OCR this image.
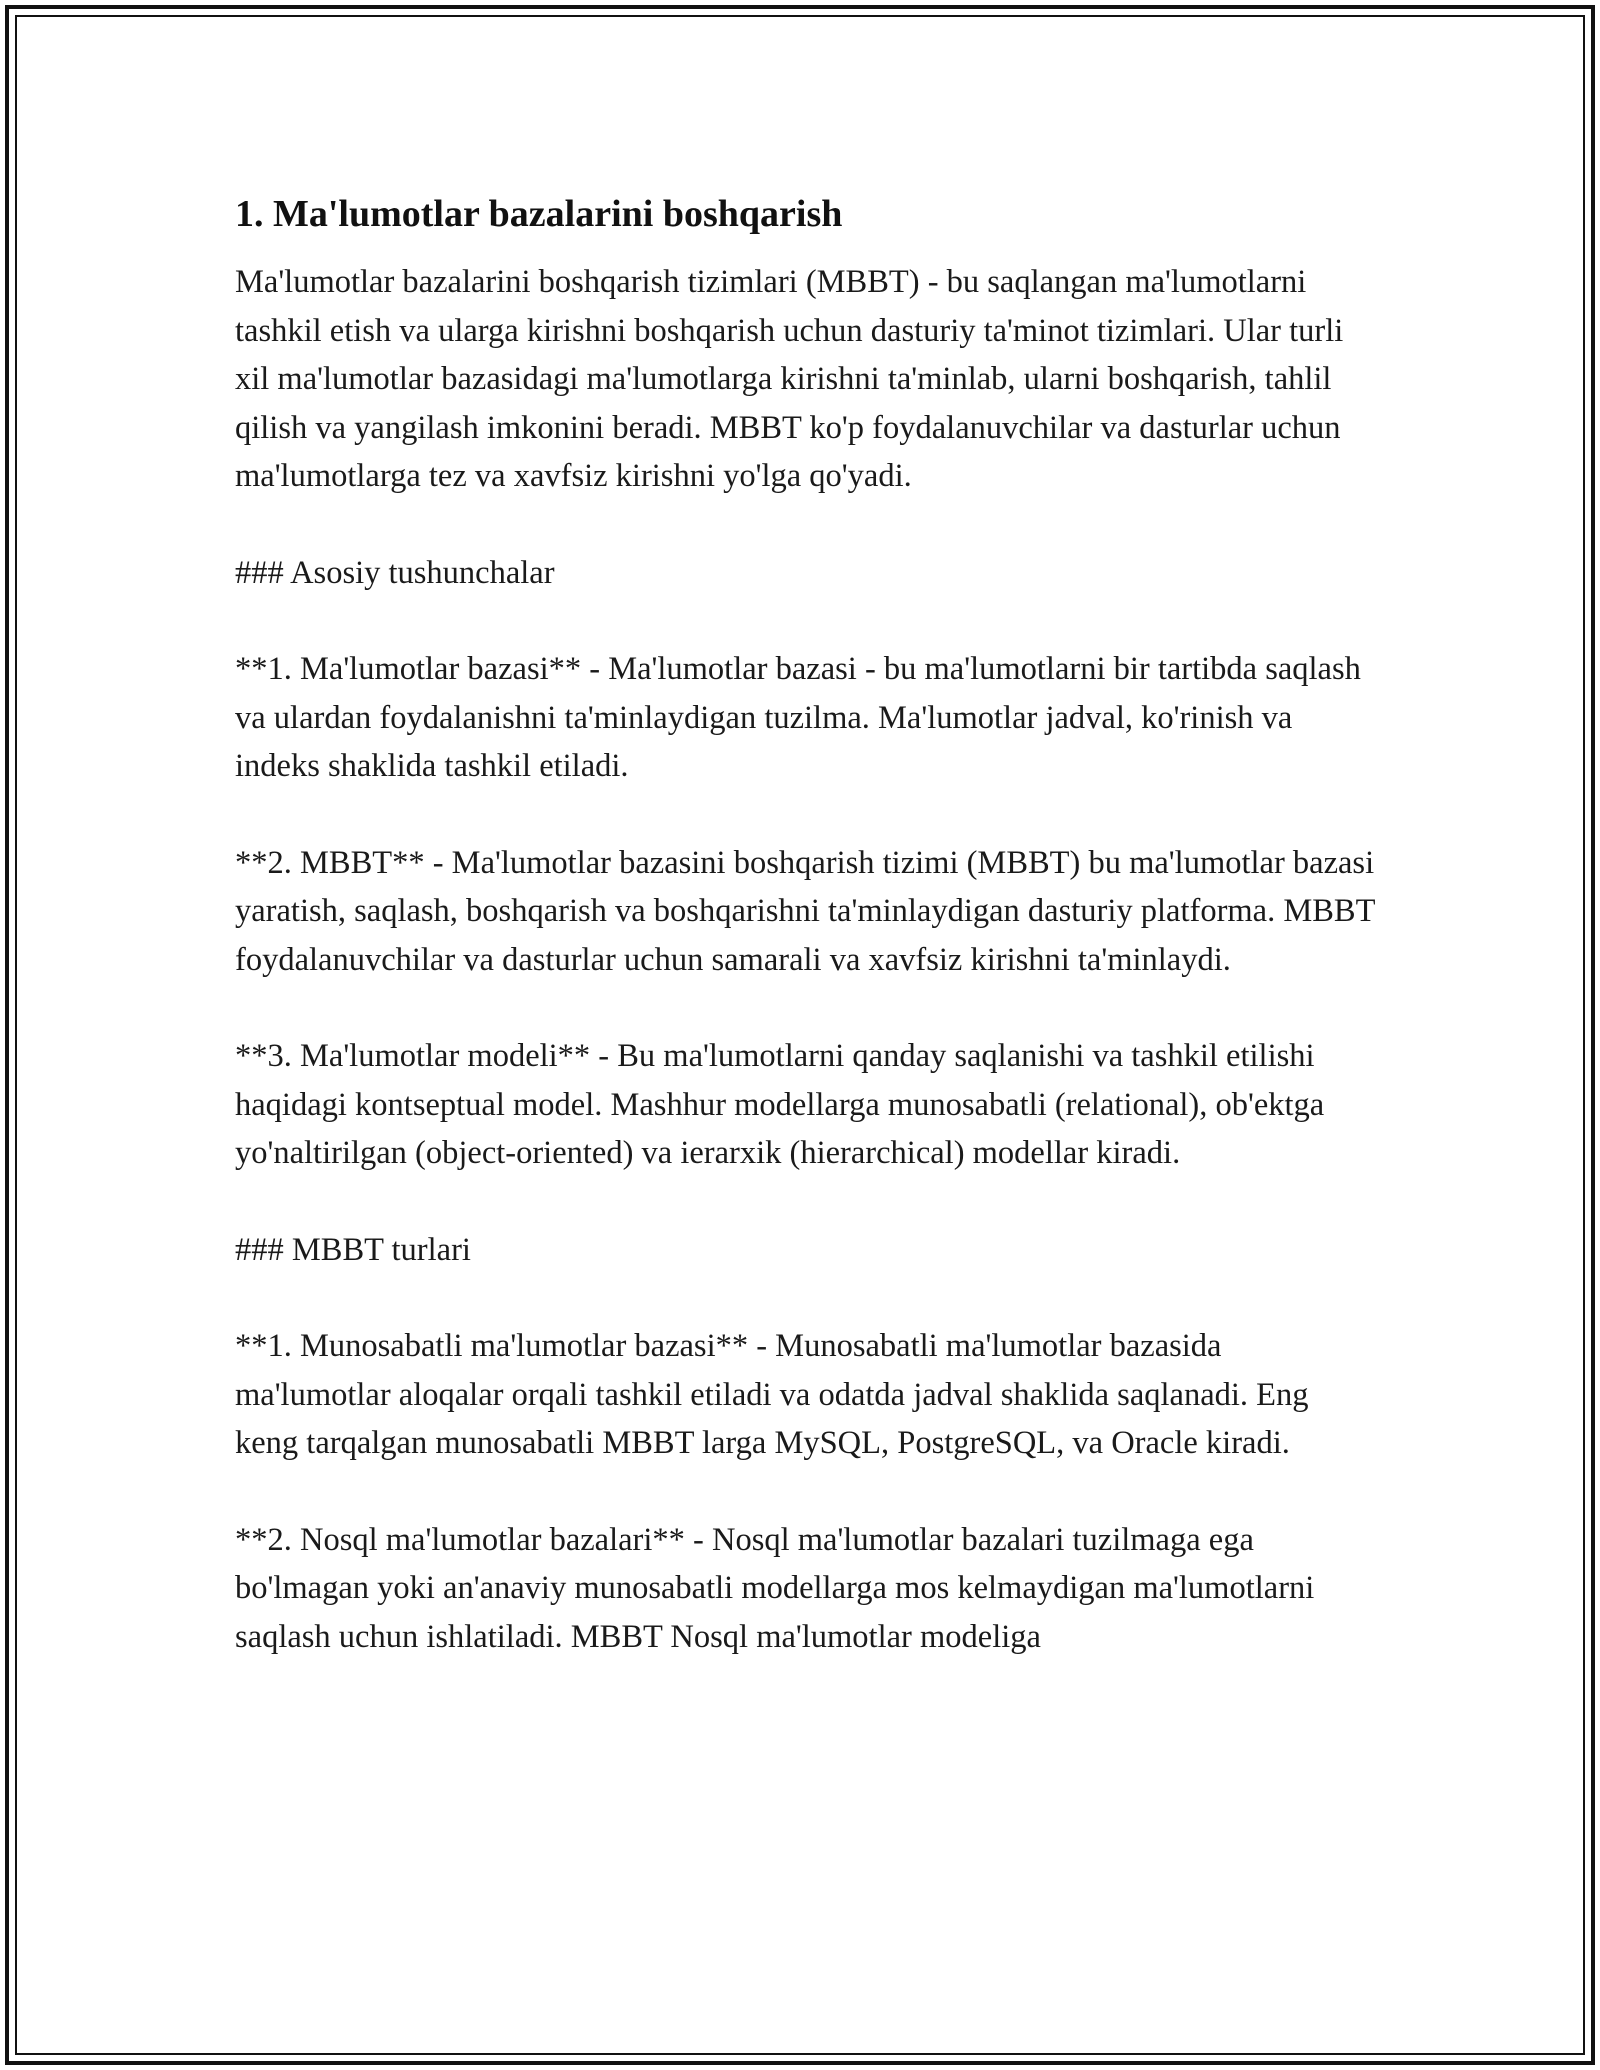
1. Ma'lumotlar bazalarini boshqarish

Ma'lumotlar bazalarini boshqarish tizimlari (MBBT) - bu saqlangan ma'lumotlarni tashkil etish va ularga kirishni boshqarish uchun dasturiy ta'minot tizimlari. Ular turli xil ma'lumotlar bazasidagi ma'lumotlarga kirishni ta'minlab, ularni boshqarish, tahlil qilish va yangilash imkonini beradi. MBBT ko'p foydalanuvchilar va dasturlar uchun ma'lumotlarga tez va xavfsiz kirishni yo'lga qo'yadi.

### Asosiy tushunchalar

**1. Ma'lumotlar bazasi** - Ma'lumotlar bazasi - bu ma'lumotlarni bir tartibda saqlash va ulardan foydalanishni ta'minlaydigan tuzilma. Ma'lumotlar jadval, ko'rinish va indeks shaklida tashkil etiladi.

**2. MBBT** - Ma'lumotlar bazasini boshqarish tizimi (MBBT) bu ma'lumotlar bazasi yaratish, saqlash, boshqarish va boshqarishni ta'minlaydigan dasturiy platforma. MBBT foydalanuvchilar va dasturlar uchun samarali va xavfsiz kirishni ta'minlaydi.

**3. Ma'lumotlar modeli** - Bu ma'lumotlarni qanday saqlanishi va tashkil etilishi haqidagi kontseptual model. Mashhur modellarga munosabatli (relational), ob'ektga yo'naltirilgan (object-oriented) va ierarxik (hierarchical) modellar kiradi.

### MBBT turlari

**1. Munosabatli ma'lumotlar bazasi** - Munosabatli ma'lumotlar bazasida ma'lumotlar aloqalar orqali tashkil etiladi va odatda jadval shaklida saqlanadi. Eng keng tarqalgan munosabatli MBBT larga MySQL, PostgreSQL, va Oracle kiradi.

**2. Nosql ma'lumotlar bazalari** - Nosql ma'lumotlar bazalari tuzilmaga ega bo'lmagan yoki an'anaviy munosabatli modellarga mos kelmaydigan ma'lumotlarni saqlash uchun ishlatiladi. MBBT Nosql ma'lumotlar modeliga
